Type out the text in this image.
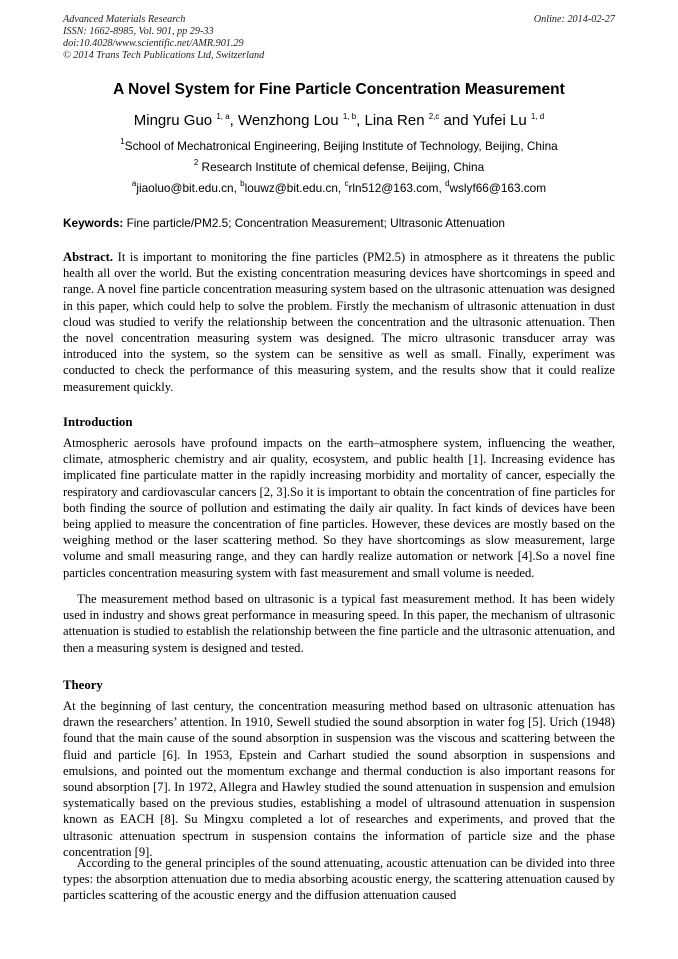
Advanced Materials Research
ISSN: 1662-8985, Vol. 901, pp 29-33
doi:10.4028/www.scientific.net/AMR.901.29
© 2014 Trans Tech Publications Ltd, Switzerland
Online: 2014-02-27
A Novel System for Fine Particle Concentration Measurement
Mingru Guo $^{1, a}$, Wenzhong Lou $^{1, b}$, Lina Ren $^{2,c}$ and Yufei Lu $^{1, d}$
$^1$School of Mechatronical Engineering, Beijing Institute of Technology, Beijing, China
$^2$ Research Institute of chemical defense, Beijing, China
$^a$jiaoluo@bit.edu.cn, $^b$louwz@bit.edu.cn, $^c$rln512@163.com, $^d$wslyf66@163.com
Keywords: Fine particle/PM2.5; Concentration Measurement; Ultrasonic Attenuation
Abstract. It is important to monitoring the fine particles (PM2.5) in atmosphere as it threatens the public health all over the world. But the existing concentration measuring devices have shortcomings in speed and range. A novel fine particle concentration measuring system based on the ultrasonic attenuation was designed in this paper, which could help to solve the problem. Firstly the mechanism of ultrasonic attenuation in dust cloud was studied to verify the relationship between the concentration and the ultrasonic attenuation. Then the novel concentration measuring system was designed. The micro ultrasonic transducer array was introduced into the system, so the system can be sensitive as well as small. Finally, experiment was conducted to check the performance of this measuring system, and the results show that it could realize measurement quickly.
Introduction
Atmospheric aerosols have profound impacts on the earth–atmosphere system, influencing the weather, climate, atmospheric chemistry and air quality, ecosystem, and public health [1]. Increasing evidence has implicated fine particulate matter in the rapidly increasing morbidity and mortality of cancer, especially the respiratory and cardiovascular cancers [2, 3].So it is important to obtain the concentration of fine particles for both finding the source of pollution and estimating the daily air quality. In fact kinds of devices have been being applied to measure the concentration of fine particles. However, these devices are mostly based on the weighing method or the laser scattering method. So they have shortcomings as slow measurement, large volume and small measuring range, and they can hardly realize automation or network [4].So a novel fine particles concentration measuring system with fast measurement and small volume is needed.
The measurement method based on ultrasonic is a typical fast measurement method. It has been widely used in industry and shows great performance in measuring speed. In this paper, the mechanism of ultrasonic attenuation is studied to establish the relationship between the fine particle and the ultrasonic attenuation, and then a measuring system is designed and tested.
Theory
At the beginning of last century, the concentration measuring method based on ultrasonic attenuation has drawn the researchers’ attention. In 1910, Sewell studied the sound absorption in water fog [5]. Urich (1948) found that the main cause of the sound absorption in suspension was the viscous and scattering between the fluid and particle [6]. In 1953, Epstein and Carhart studied the sound absorption in suspensions and emulsions, and pointed out the momentum exchange and thermal conduction is also important reasons for sound absorption [7]. In 1972, Allegra and Hawley studied the sound attenuation in suspension and emulsion systematically based on the previous studies, establishing a model of ultrasound attenuation in suspension known as EACH [8]. Su Mingxu completed a lot of researches and experiments, and proved that the ultrasonic attenuation spectrum in suspension contains the information of particle size and the phase concentration [9].
According to the general principles of the sound attenuating, acoustic attenuation can be divided into three types: the absorption attenuation due to media absorbing acoustic energy, the scattering attenuation caused by particles scattering of the acoustic energy and the diffusion attenuation caused
